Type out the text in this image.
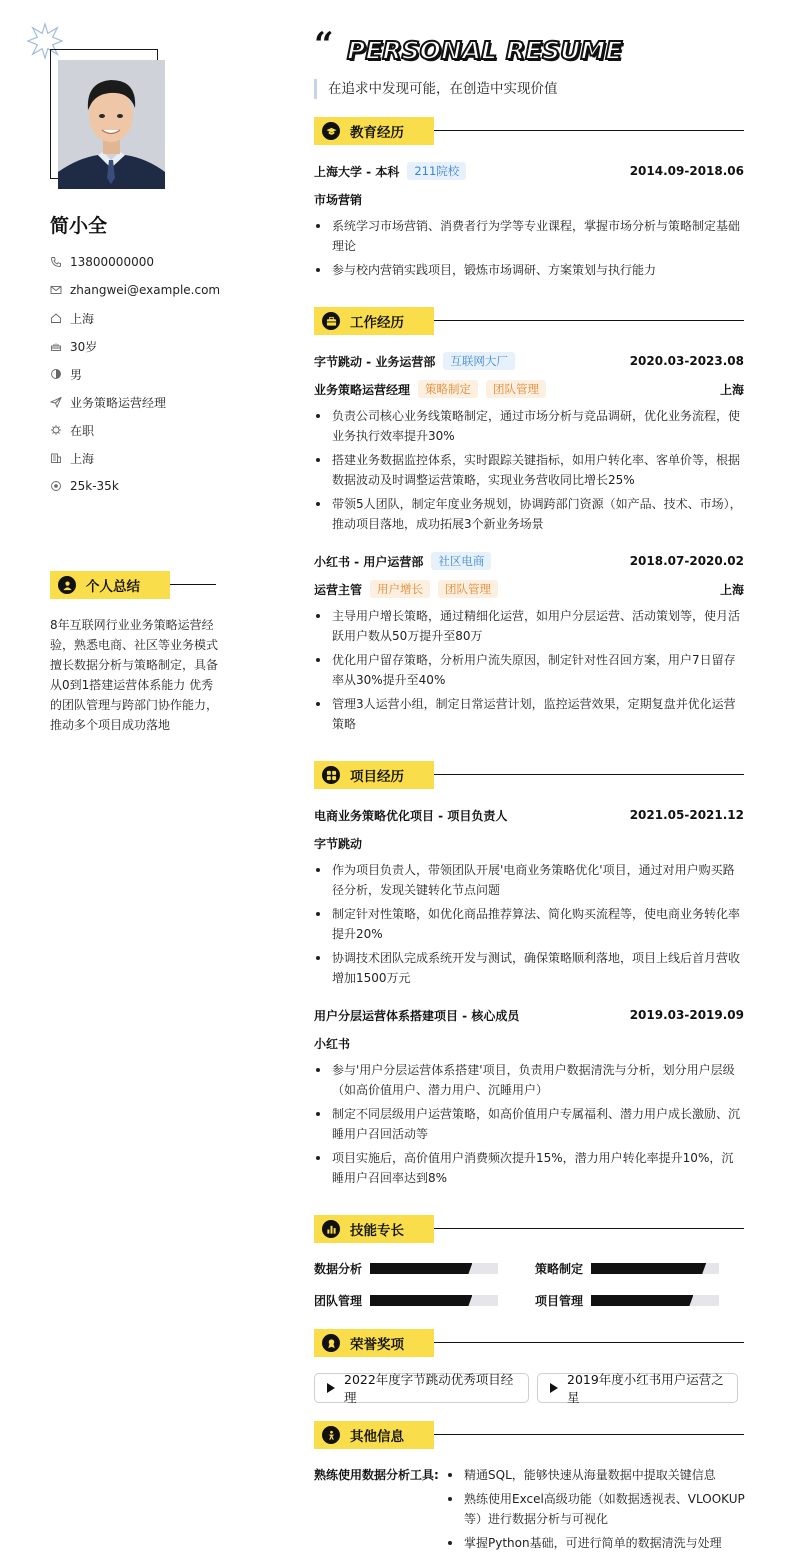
简小全
13800000000
zhangwei@example.com
上海
30岁
男
业务策略运营经理
在职
上海
25k-35k
个人总结
8年互联网行业业务策略运营经验，熟悉电商、社区等业务模式 擅长数据分析与策略制定，具备从0到1搭建运营体系能力 优秀的团队管理与跨部门协作能力，推动多个项目成功落地
“ PERSONAL RESUME
在追求中发现可能，在创造中实现价值
教育经历
上海大学 - 本科	211院校	2014.09-2018.06
市场营销
系统学习市场营销、消费者行为学等专业课程，掌握市场分析与策略制定基础理论
参与校内营销实践项目，锻炼市场调研、方案策划与执行能力
工作经历
字节跳动 - 业务运营部	互联网大厂	2020.03-2023.08
业务策略运营经理	策略制定	团队管理	上海
负责公司核心业务线策略制定，通过市场分析与竞品调研，优化业务流程，使业务执行效率提升30%
搭建业务数据监控体系，实时跟踪关键指标，如用户转化率、客单价等，根据数据波动及时调整运营策略，实现业务营收同比增长25%
带领5人团队，制定年度业务规划，协调跨部门资源（如产品、技术、市场），推动项目落地，成功拓展3个新业务场景
小红书 - 用户运营部	社区电商	2018.07-2020.02
运营主管	用户增长	团队管理	上海
主导用户增长策略，通过精细化运营，如用户分层运营、活动策划等，使月活跃用户数从50万提升至80万
优化用户留存策略，分析用户流失原因，制定针对性召回方案，用户7日留存率从30%提升至40%
管理3人运营小组，制定日常运营计划，监控运营效果，定期复盘并优化运营策略
项目经历
电商业务策略优化项目 - 项目负责人	2021.05-2021.12
字节跳动
作为项目负责人，带领团队开展'电商业务策略优化'项目，通过对用户购买路径分析，发现关键转化节点问题
制定针对性策略，如优化商品推荐算法、简化购买流程等，使电商业务转化率提升20%
协调技术团队完成系统开发与测试，确保策略顺利落地，项目上线后首月营收增加1500万元
用户分层运营体系搭建项目 - 核心成员	2019.03-2019.09
小红书
参与'用户分层运营体系搭建'项目，负责用户数据清洗与分析，划分用户层级（如高价值用户、潜力用户、沉睡用户）
制定不同层级用户运营策略，如高价值用户专属福利、潜力用户成长激励、沉睡用户召回活动等
项目实施后，高价值用户消费频次提升15%，潜力用户转化率提升10%，沉睡用户召回率达到8%
技能专长
数据分析	策略制定
团队管理	项目管理
荣誉奖项
2022年度字节跳动优秀项目经理
2019年度小红书用户运营之星
其他信息
熟练使用数据分析工具:	精通SQL，能够快速从海量数据中提取关键信息
熟练使用Excel高级功能（如数据透视表、VLOOKUP等）进行数据分析与可视化
掌握Python基础，可进行简单的数据清洗与处理
